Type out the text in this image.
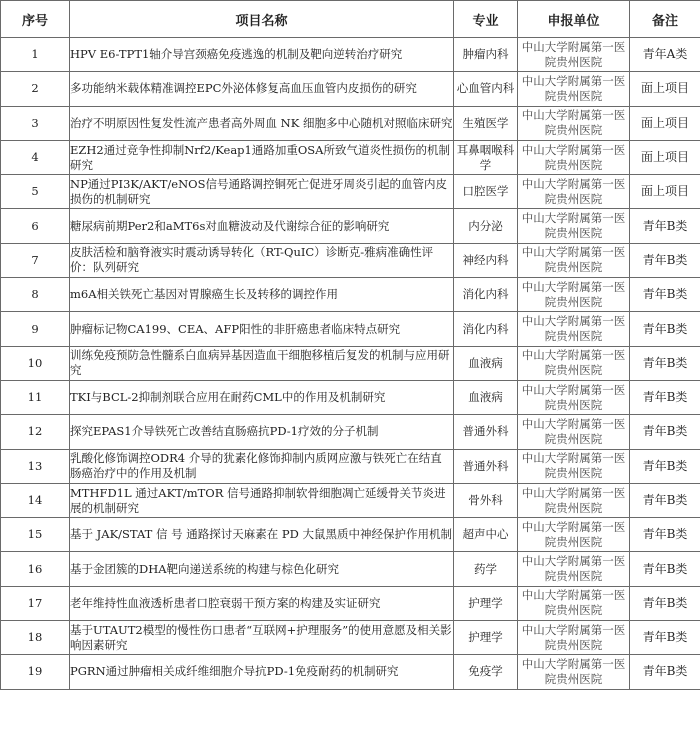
序号	项目名称	专业	申报单位	备注
1	HPV E6-TPT1轴介导宫颈癌免疫逃逸的机制及靶向逆转治疗研究	肿瘤内科	中山大学附属第一医院贵州医院	青年A类
2	多功能纳米载体精准调控EPC外泌体修复高血压血管内皮损伤的研究	心血管内科	中山大学附属第一医院贵州医院	面上项目
3	治疗不明原因性复发性流产患者高外周血 NK 细胞多中心随机对照临床研究	生殖医学	中山大学附属第一医院贵州医院	面上项目
4	EZH2通过竞争性抑制Nrf2/Keap1通路加重OSA所致气道炎性损伤的机制研究	耳鼻咽喉科学	中山大学附属第一医院贵州医院	面上项目
5	NP通过PI3K/AKT/eNOS信号通路调控铜死亡促进牙周炎引起的血管内皮损伤的机制研究	口腔医学	中山大学附属第一医院贵州医院	面上项目
6	糖尿病前期Per2和aMT6s对血糖波动及代谢综合征的影响研究	内分泌	中山大学附属第一医院贵州医院	青年B类
7	皮肤活检和脑脊液实时震动诱导转化（RT-QuIC）诊断克-雅病准确性评价：队列研究	神经内科	中山大学附属第一医院贵州医院	青年B类
8	m6A相关铁死亡基因对胃腺癌生长及转移的调控作用	消化内科	中山大学附属第一医院贵州医院	青年B类
9	肿瘤标记物CA199、CEA、AFP阳性的非肝癌患者临床特点研究	消化内科	中山大学附属第一医院贵州医院	青年B类
10	训练免疫预防急性髓系白血病异基因造血干细胞移植后复发的机制与应用研究	血液病	中山大学附属第一医院贵州医院	青年B类
11	TKI与BCL-2抑制剂联合应用在耐药CML中的作用及机制研究	血液病	中山大学附属第一医院贵州医院	青年B类
12	探究EPAS1介导铁死亡改善结直肠癌抗PD-1疗效的分子机制	普通外科	中山大学附属第一医院贵州医院	青年B类
13	乳酸化修饰调控ODR4 介导的犹素化修饰抑制内质网应激与铁死亡在结直肠癌治疗中的作用及机制	普通外科	中山大学附属第一医院贵州医院	青年B类
14	MTHFD1L 通过AKT/mTOR 信号通路抑制软骨细胞凋亡延缓骨关节炎进展的机制研究	骨外科	中山大学附属第一医院贵州医院	青年B类
15	基于 JAK/STAT 信 号 通路探讨天麻素在 PD 大鼠黑质中神经保护作用机制	超声中心	中山大学附属第一医院贵州医院	青年B类
16	基于金团簇的DHA靶向递送系统的构建与棕色化研究	药学	中山大学附属第一医院贵州医院	青年B类
17	老年维持性血液透析患者口腔衰弱干预方案的构建及实证研究	护理学	中山大学附属第一医院贵州医院	青年B类
18	基于UTAUT2模型的慢性伤口患者“互联网+护理服务”的使用意愿及相关影响因素研究	护理学	中山大学附属第一医院贵州医院	青年B类
19	PGRN通过肿瘤相关成纤维细胞介导抗PD-1免疫耐药的机制研究	免疫学	中山大学附属第一医院贵州医院	青年B类
